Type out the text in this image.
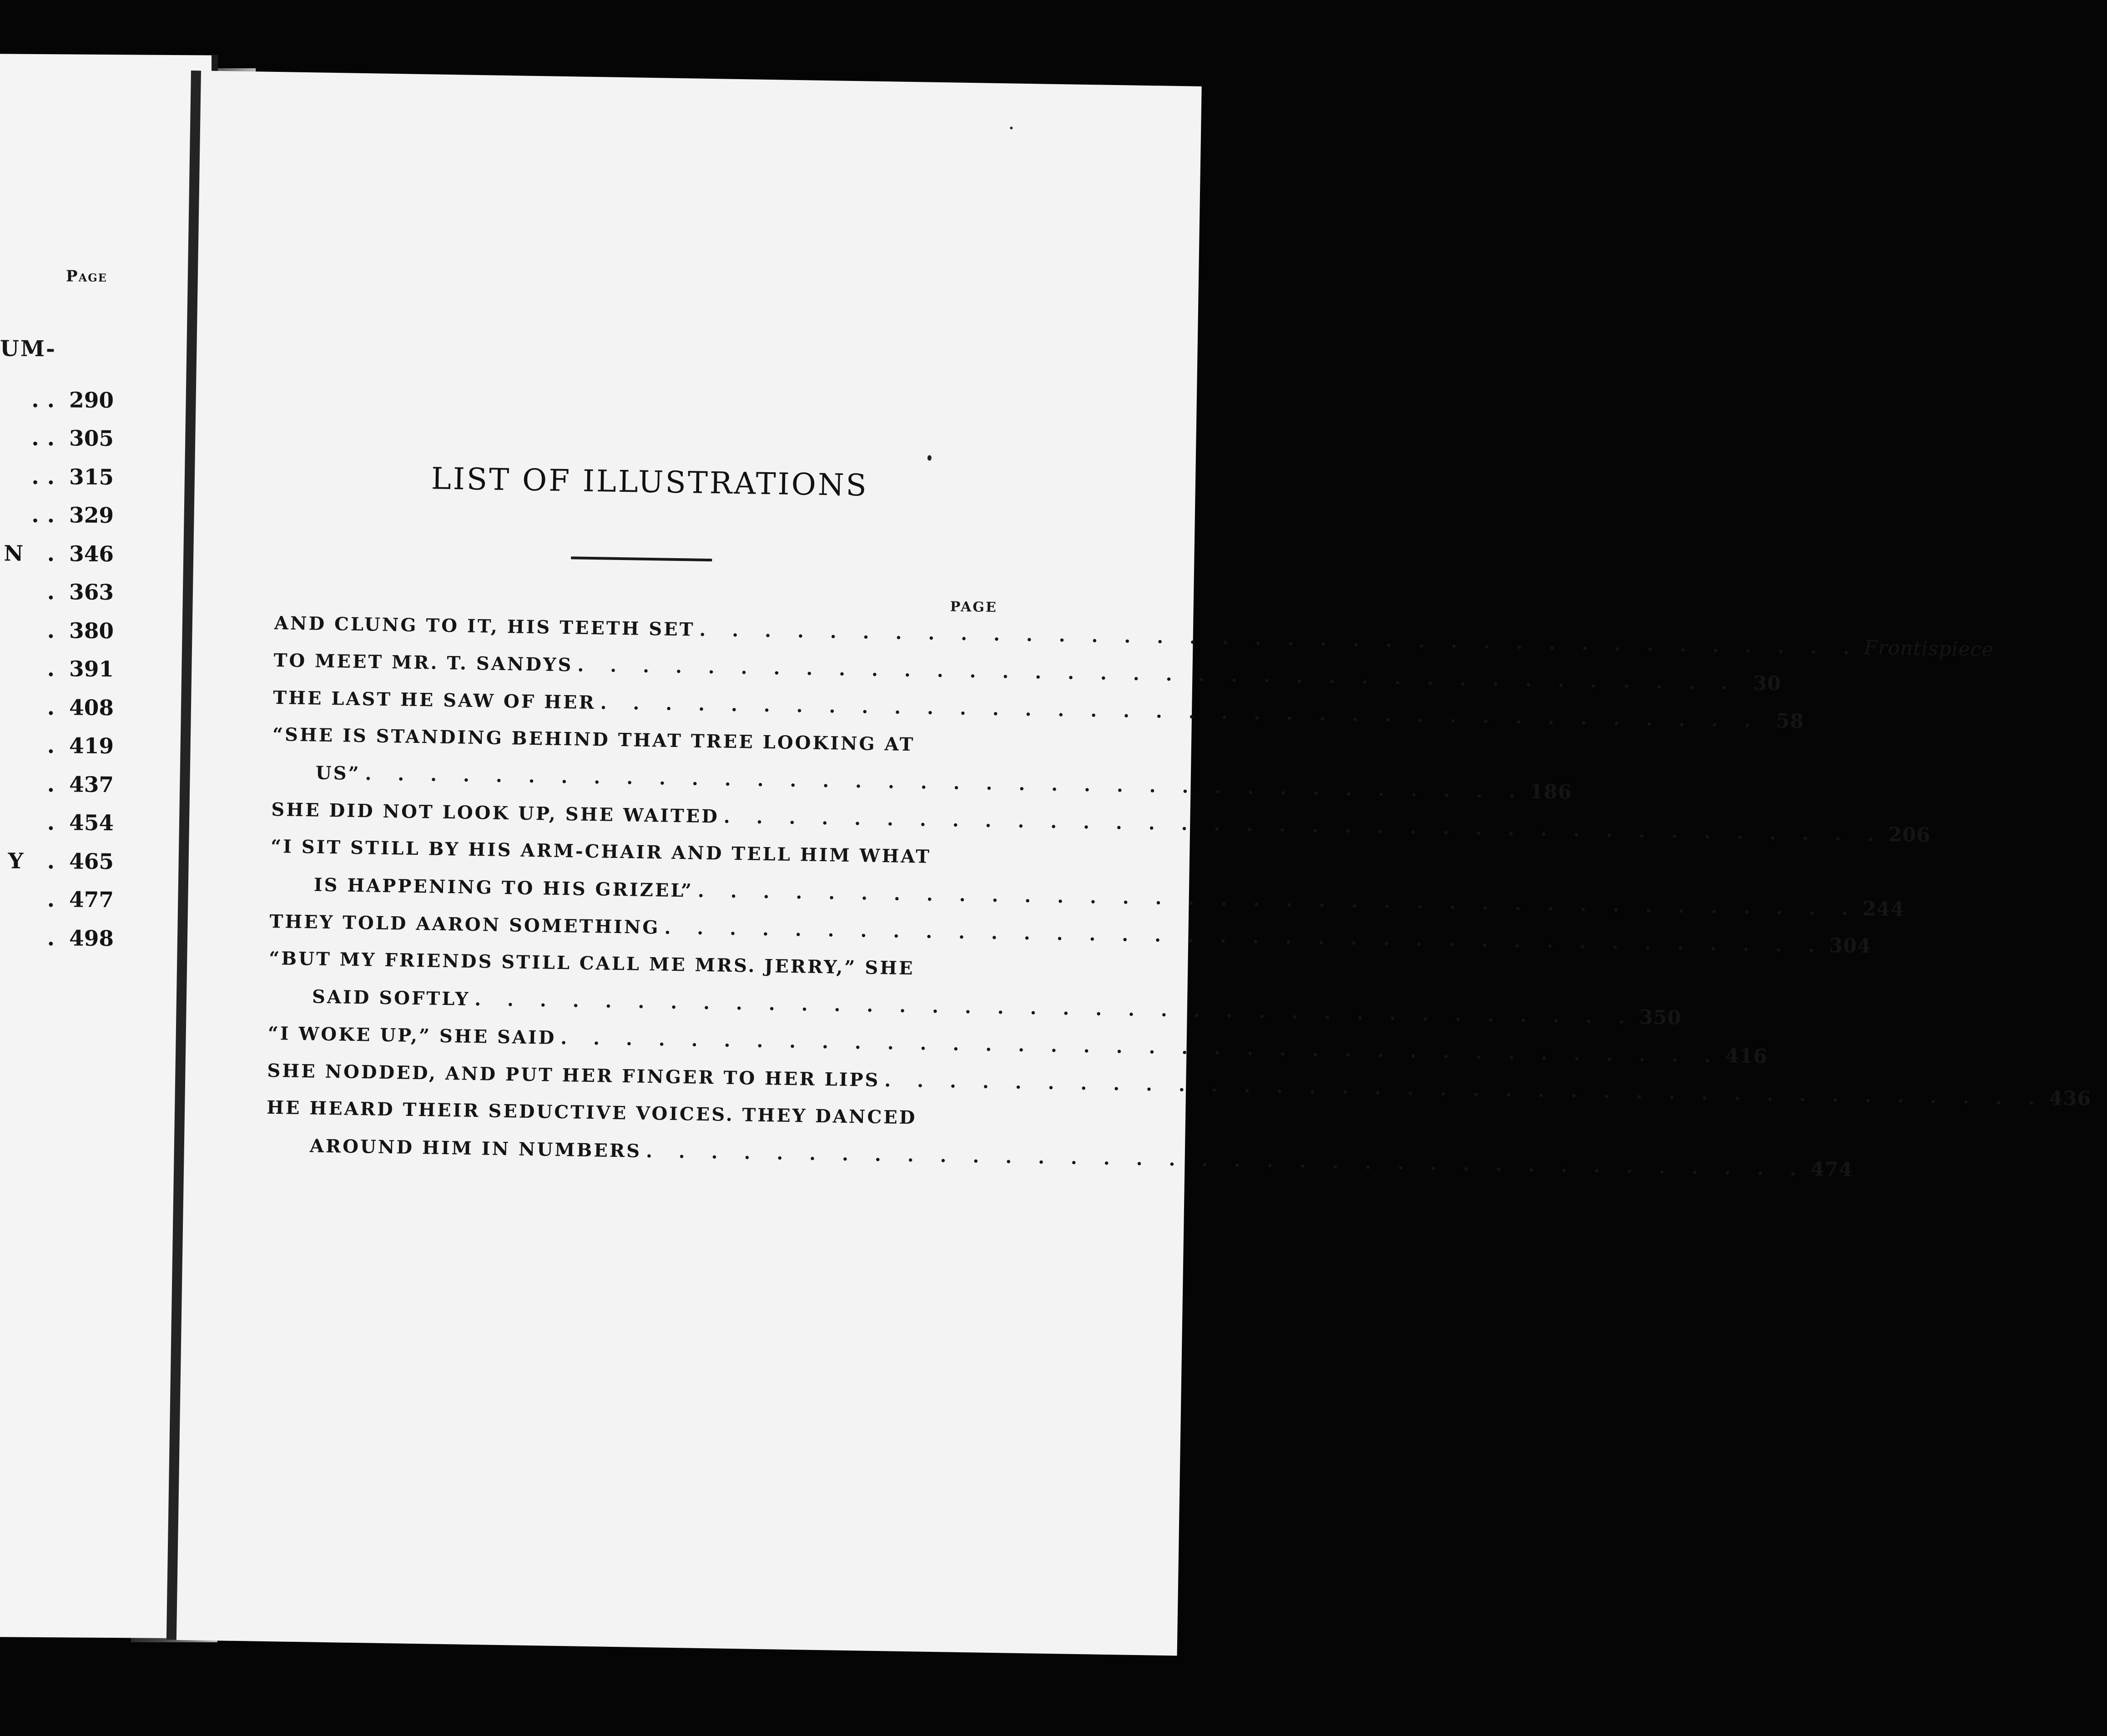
Page
UM-
.. 290
.. 305
.. 315
.. 329
N . 346
. 363
. 380
. 391
. 408
. 419
. 437
. 454
Y . 465
. 477
. 498
LIST OF ILLUSTRATIONS
PAGE
AND CLUNG TO IT, HIS TEETH SET . . . . . . . . . . . . . . . . . . . . . . . . . . . . . . . . . . . . Frontispiece
TO MEET MR. T. SANDYS . . . . . . . . . . . . . . . . . . . . . . . . . . . . . . . . . . . . 30
THE LAST HE SAW OF HER . . . . . . . . . . . . . . . . . . . . . . . . . . . . . . . . . . . . 58
“SHE IS STANDING BEHIND THAT TREE LOOKING AT
US” . . . . . . . . . . . . . . . . . . . . . . . . . . . . . . . . . . . . 186
SHE DID NOT LOOK UP, SHE WAITED . . . . . . . . . . . . . . . . . . . . . . . . . . . . . . . . . . . . 206
“I SIT STILL BY HIS ARM-CHAIR AND TELL HIM WHAT
IS HAPPENING TO HIS GRIZEL” . . . . . . . . . . . . . . . . . . . . . . . . . . . . . . . . . . . . 244
THEY TOLD AARON SOMETHING . . . . . . . . . . . . . . . . . . . . . . . . . . . . . . . . . . . . 304
“BUT MY FRIENDS STILL CALL ME MRS. JERRY,” SHE
SAID SOFTLY . . . . . . . . . . . . . . . . . . . . . . . . . . . . . . . . . . . . 350
“I WOKE UP,” SHE SAID . . . . . . . . . . . . . . . . . . . . . . . . . . . . . . . . . . . . 416
SHE NODDED, AND PUT HER FINGER TO HER LIPS . . . . . . . . . . . . . . . . . . . . . . . . . . . . . . . . . . . . 436
HE HEARD THEIR SEDUCTIVE VOICES. THEY DANCED
AROUND HIM IN NUMBERS . . . . . . . . . . . . . . . . . . . . . . . . . . . . . . . . . . . . 474
